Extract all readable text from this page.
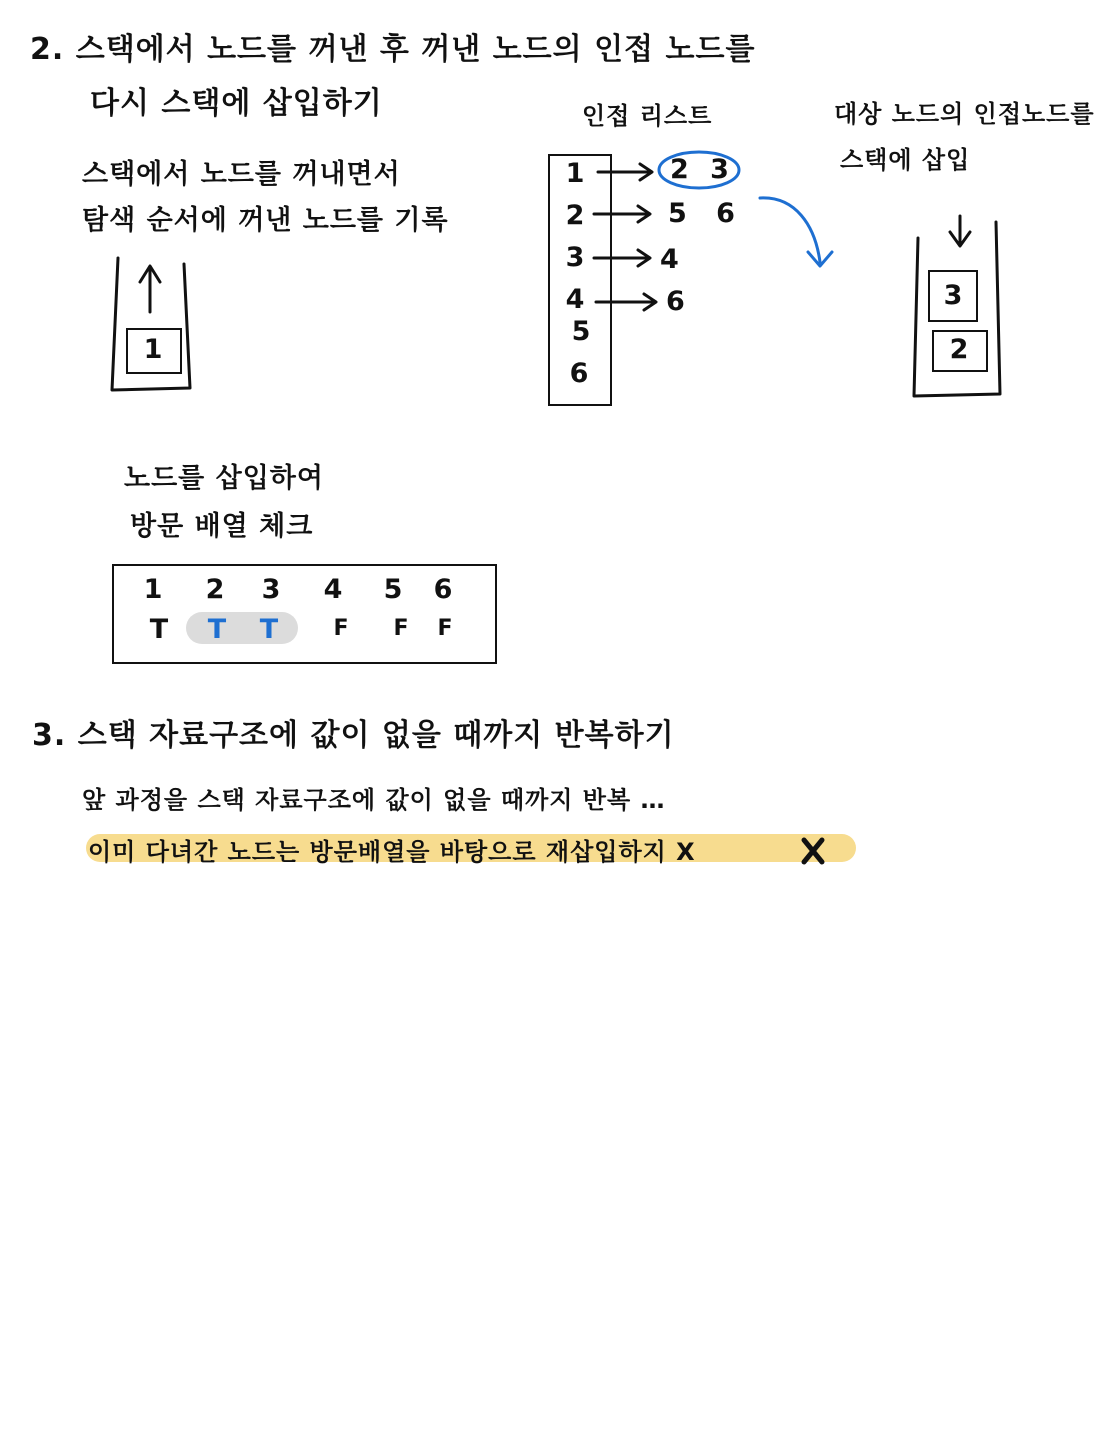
2. 스택에서 노드를 꺼낸 후 꺼낸 노드의 인접 노드를
다시 스택에 삽입하기
스택에서 노드를 꺼내면서
탐색 순서에 꺼낸 노드를 기록
1
인접 리스트
1
2
3
4
5
6
2 3
5 6
4
6
대상 노드의 인접노드를
스택에 삽입
3
2
노드를 삽입하여
방문 배열 체크
1 2 3 4 5 6
T T T	F	F	F
3. 스택 자료구조에 값이 없을 때까지 반복하기
앞 과정을 스택 자료구조에 값이 없을 때까지 반복 …
이미 다녀간 노드는 방문배열을 바탕으로 재삽입하지 X
